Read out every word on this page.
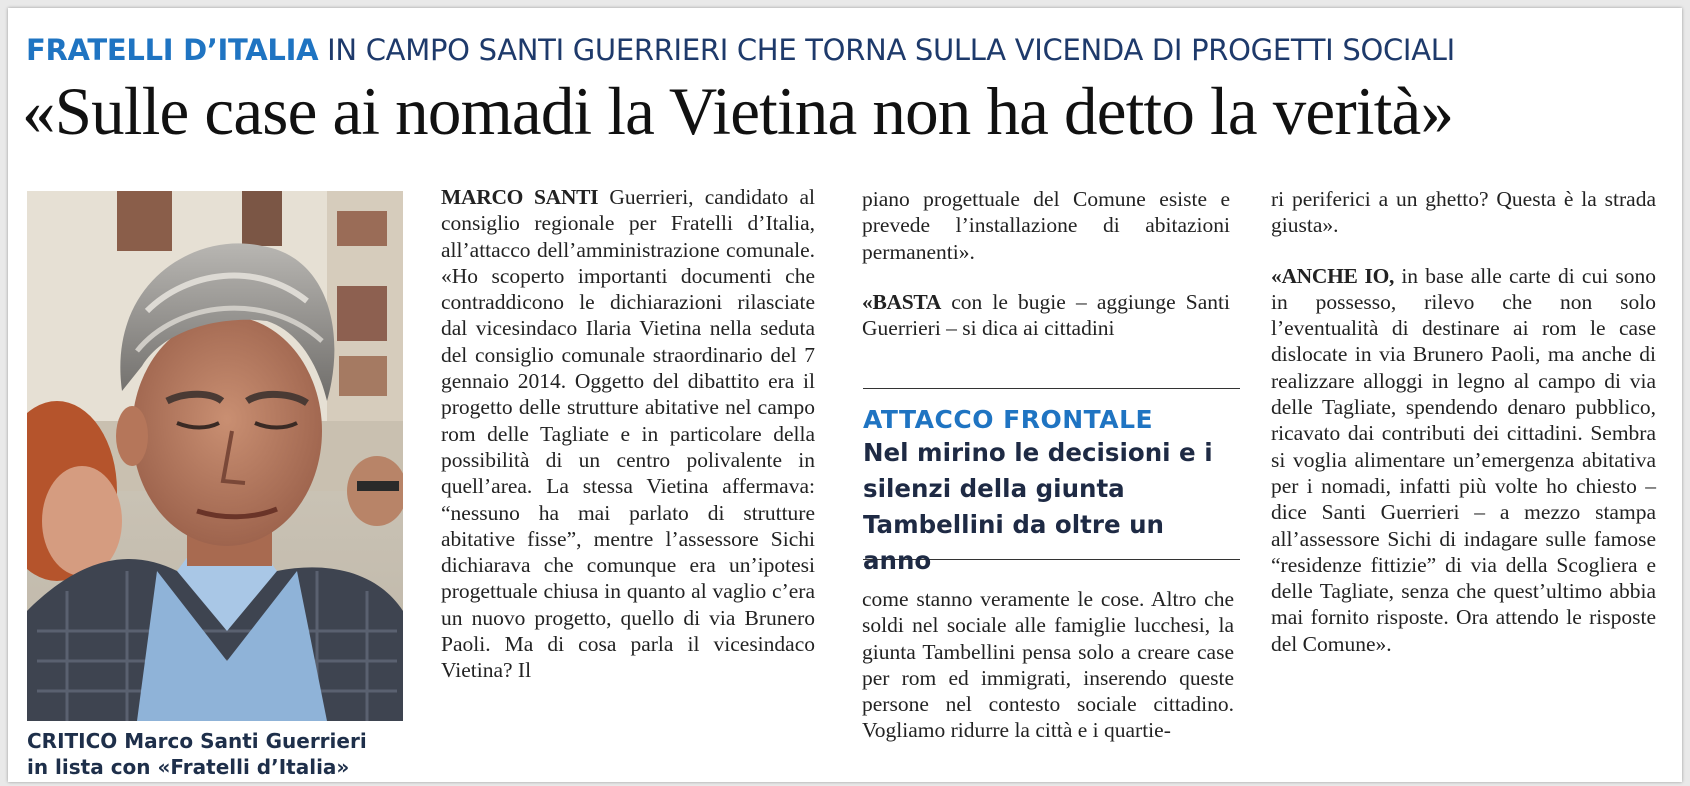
FRATELLI D’ITALIA IN CAMPO SANTI GUERRIERI CHE TORNA SULLA VICENDA DI PROGETTI SOCIALI
«Sulle case ai nomadi la Vietina non ha detto la verità»
CRITICO Marco Santi Guerrieri
in lista con «Fratelli d’Italia»

MARCO SANTI Guerrieri, candidato al consiglio regionale per Fratelli d’Italia, all’attacco dell’amministrazione comunale. «Ho scoperto importanti documenti che contraddicono le dichiarazioni rilasciate dal vicesindaco Ilaria Vietina nella seduta del consiglio comunale straordinario del 7 gennaio 2014. Oggetto del dibattito era il progetto delle strutture abitative nel campo rom delle Tagliate e in particolare della possibilità di un centro polivalente in quell’area. La stessa Vietina affermava: “nessuno ha mai parlato di strutture abitative fisse”, mentre l’assessore Sichi dichiarava che comunque era un’ipotesi progettuale chiusa in quanto al vaglio c’era un nuovo progetto, quello di via Brunero Paoli. Ma di cosa parla il vicesindaco Vietina? Il

piano progettuale del Comune esiste e prevede l’installazione di abitazioni permanenti».

«BASTA con le bugie – aggiunge Santi Guerrieri – si dica ai cittadini

ATTACCO FRONTALE
Nel mirino le decisioni e i silenzi della giunta Tambellini da oltre un anno

come stanno veramente le cose. Altro che soldi nel sociale alle famiglie lucchesi, la giunta Tambellini pensa solo a creare case per rom ed immigrati, inserendo queste persone nel contesto sociale cittadino. Vogliamo ridurre la città e i quartie-

ri periferici a un ghetto? Questa è la strada giusta».

«ANCHE IO, in base alle carte di cui sono in possesso, rilevo che non solo l’eventualità di destinare ai rom le case dislocate in via Brunero Paoli, ma anche di realizzare alloggi in legno al campo di via delle Tagliate, spendendo denaro pubblico, ricavato dai contributi dei cittadini. Sembra si voglia alimentare un’emergenza abitativa per i nomadi, infatti più volte ho chiesto – dice Santi Guerrieri – a mezzo stampa all’assessore Sichi di indagare sulle famose “residenze fittizie” di via della Scogliera e delle Tagliate, senza che quest’ultimo abbia mai fornito risposte. Ora attendo le risposte del Comune».
